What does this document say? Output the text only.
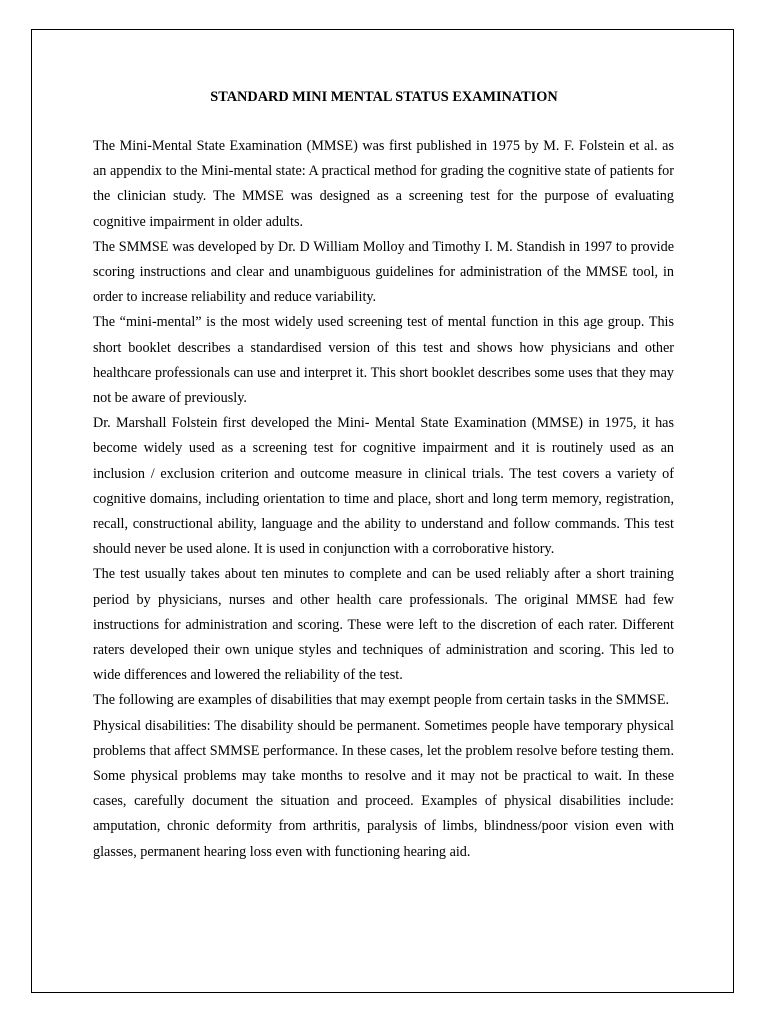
STANDARD MINI MENTAL STATUS EXAMINATION

The Mini-Mental State Examination (MMSE) was first published in 1975 by M. F. Folstein et al. as an appendix to the Mini-mental state: A practical method for grading the cognitive state of patients for the clinician study. The MMSE was designed as a screening test for the purpose of evaluating cognitive impairment in older adults.

The SMMSE was developed by Dr. D William Molloy and Timothy I. M. Standish in 1997 to provide scoring instructions and clear and unambiguous guidelines for administration of the MMSE tool, in order to increase reliability and reduce variability.

The “mini-mental” is the most widely used screening test of mental function in this age group. This short booklet describes a standardised version of this test and shows how physicians and other healthcare professionals can use and interpret it. This short booklet describes some uses that they may not be aware of previously.

Dr. Marshall Folstein first developed the Mini- Mental State Examination (MMSE) in 1975, it has become widely used as a screening test for cognitive impairment and it is routinely used as an inclusion / exclusion criterion and outcome measure in clinical trials. The test covers a variety of cognitive domains, including orientation to time and place, short and long term memory, registration, recall, constructional ability, language and the ability to understand and follow commands. This test should never be used alone. It is used in conjunction with a corroborative history.

The test usually takes about ten minutes to complete and can be used reliably after a short training period by physicians, nurses and other health care professionals. The original MMSE had few instructions for administration and scoring. These were left to the discretion of each rater. Different raters developed their own unique styles and techniques of administration and scoring. This led to wide differences and lowered the reliability of the test.

The following are examples of disabilities that may exempt people from certain tasks in the SMMSE.

Physical disabilities: The disability should be permanent. Sometimes people have temporary physical problems that affect SMMSE performance. In these cases, let the problem resolve before testing them. Some physical problems may take months to resolve and it may not be practical to wait. In these cases, carefully document the situation and proceed. Examples of physical disabilities include: amputation, chronic deformity from arthritis, paralysis of limbs, blindness/poor vision even with glasses, permanent hearing loss even with functioning hearing aid.
